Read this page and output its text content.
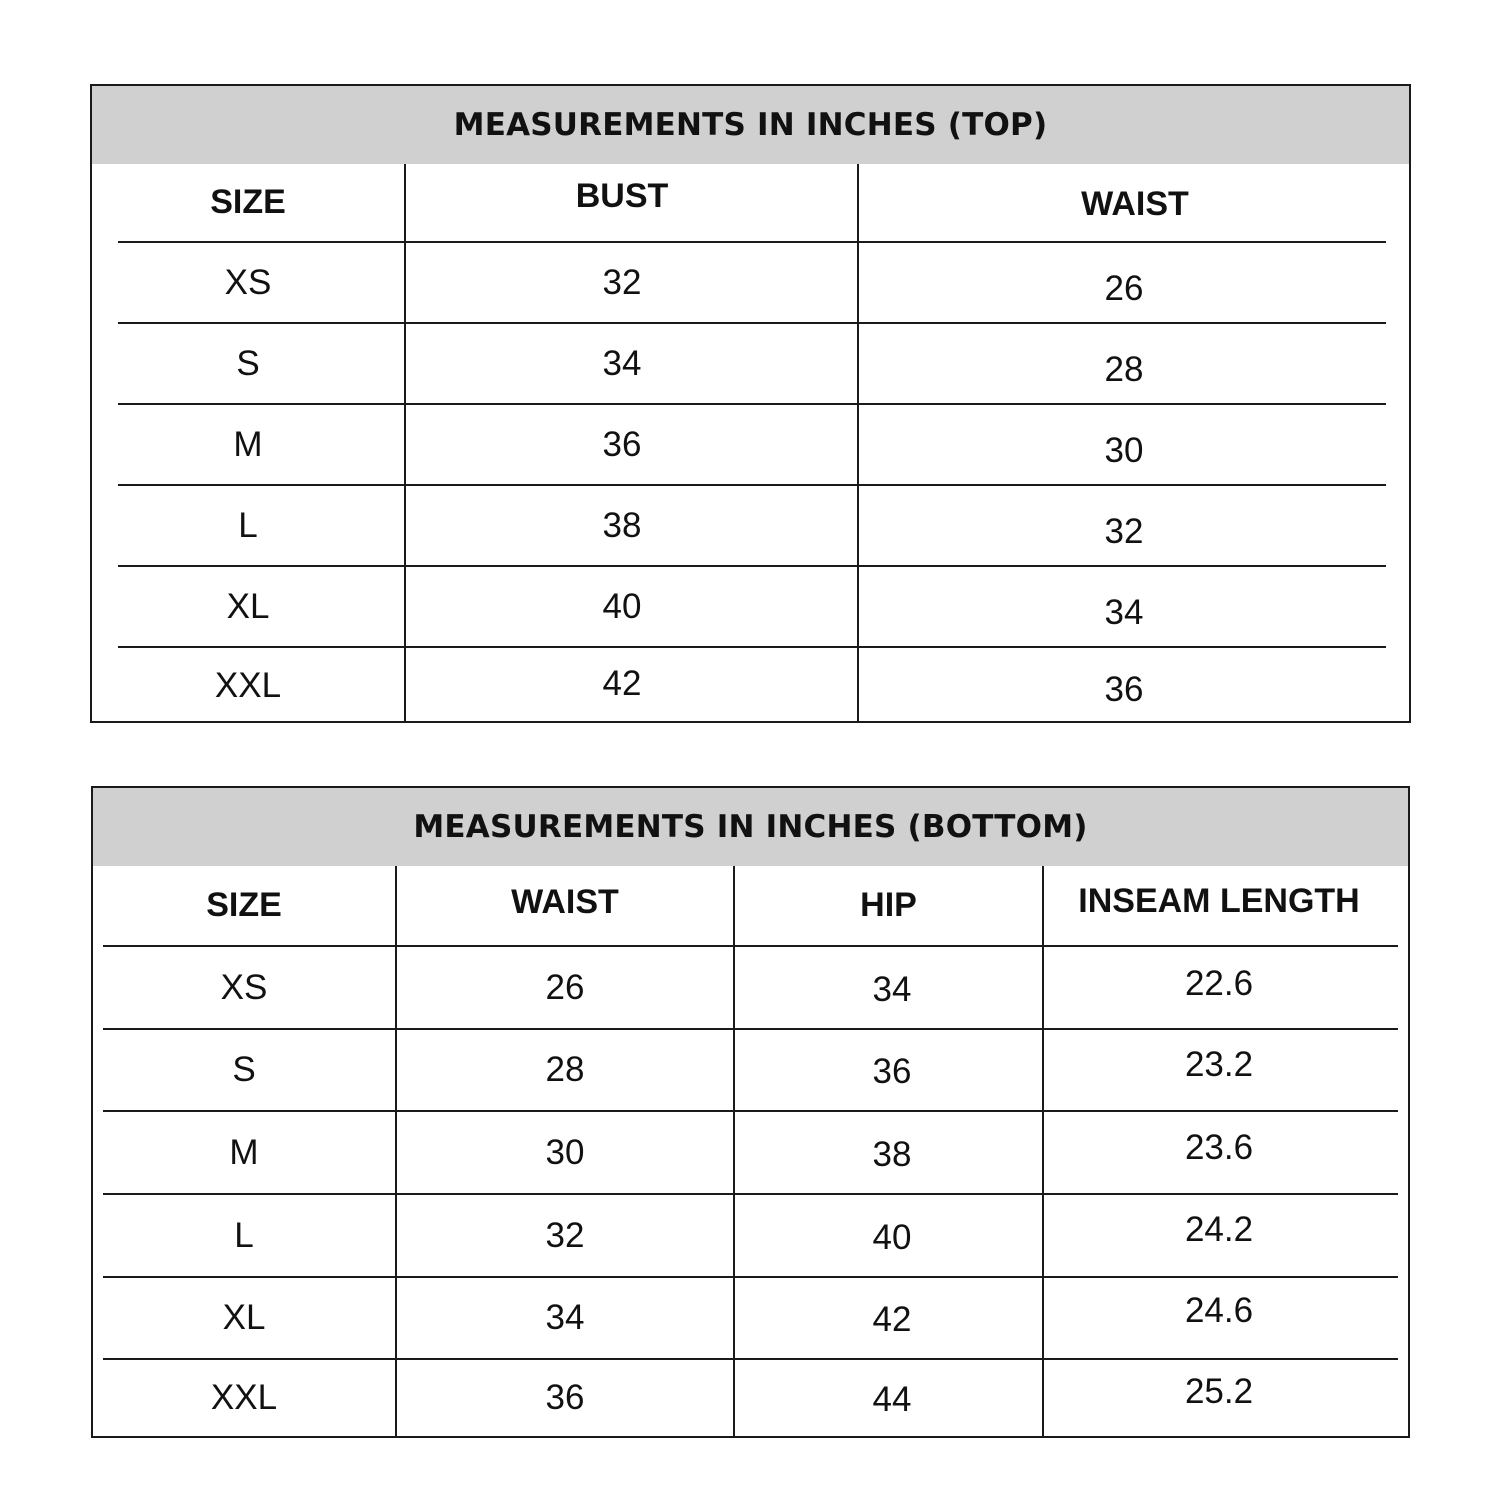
MEASUREMENTS IN INCHES (TOP)
SIZE	BUST	WAIST
XS	32	26
S	34	28
M	36	30
L	38	32
XL	40	34
XXL	42	36
MEASUREMENTS IN INCHES (BOTTOM)
SIZE	WAIST	HIP	INSEAM LENGTH
XS	26	34	22.6
S	28	36	23.2
M	30	38	23.6
L	32	40	24.2
XL	34	42	24.6
XXL	36	44	25.2
